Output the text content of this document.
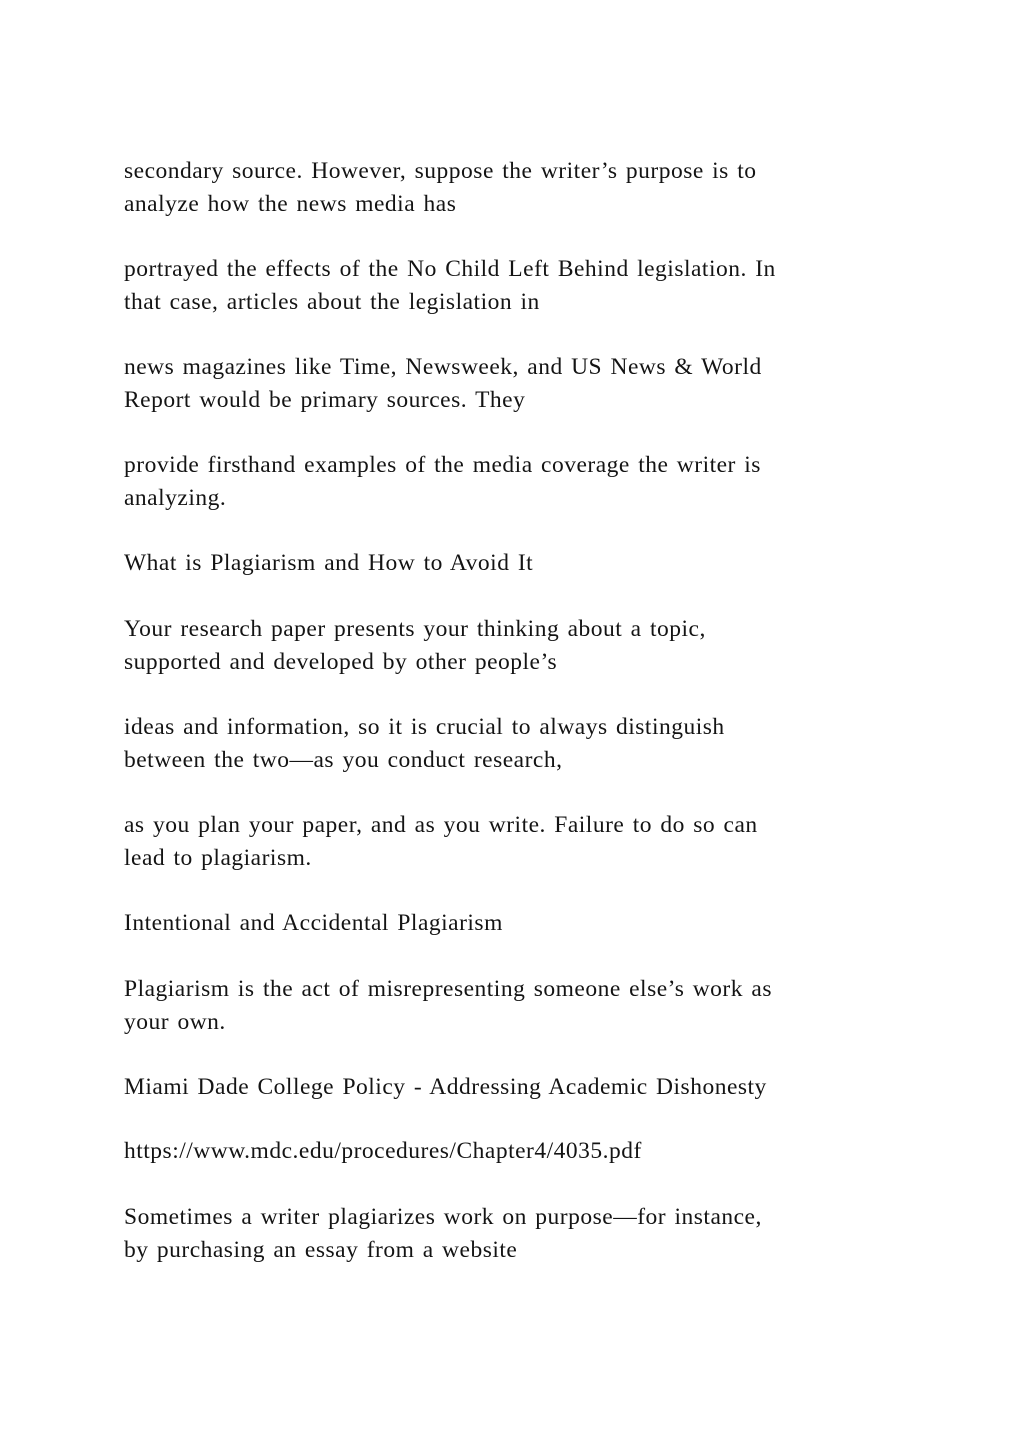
secondary source. However, suppose the writer’s purpose is to
analyze how the news media has

portrayed the effects of the No Child Left Behind legislation. In
that case, articles about the legislation in

news magazines like Time, Newsweek, and US News & World
Report would be primary sources. They

provide firsthand examples of the media coverage the writer is
analyzing.

What is Plagiarism and How to Avoid It

Your research paper presents your thinking about a topic,
supported and developed by other people’s

ideas and information, so it is crucial to always distinguish
between the two—as you conduct research,

as you plan your paper, and as you write. Failure to do so can
lead to plagiarism.

Intentional and Accidental Plagiarism

Plagiarism is the act of misrepresenting someone else’s work as
your own.

Miami Dade College Policy - Addressing Academic Dishonesty

https://www.mdc.edu/procedures/Chapter4/4035.pdf

Sometimes a writer plagiarizes work on purpose—for instance,
by purchasing an essay from a website
